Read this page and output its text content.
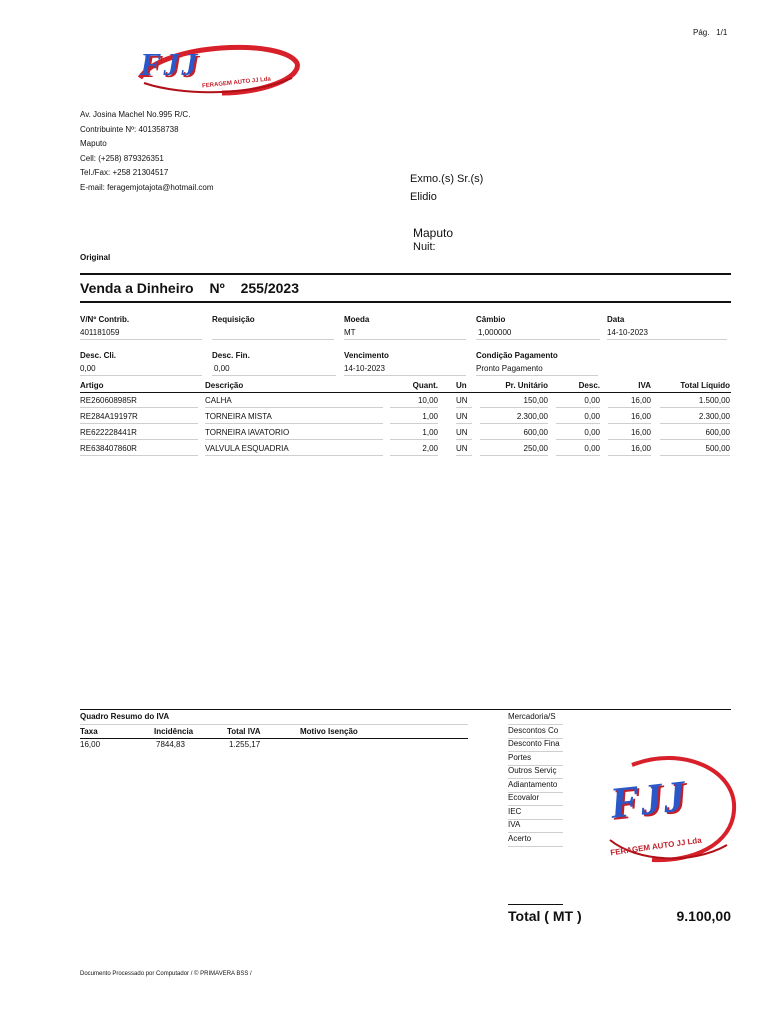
Pág. 1/1
FJJ
FERAGEM AUTO JJ Lda
Av. Josina Machel No.995 R/C.
Contribuinte Nº: 401358738
Maputo
Cell: (+258) 879326351
Tel./Fax: +258 21304517
E-mail: feragemjotajota@hotmail.com
Exmo.(s) Sr.(s)
Elidio
Maputo
Nuit:
Original
Venda a Dinheiro Nº 255/2023
V/Nº Contrib.
401181059
Requisição	Moeda
MT
Câmbio
1,000000
Data
14-10-2023
Desc. Cli.
0,00
Desc. Fin.
0,00
Vencimento
14-10-2023
Condição Pagamento
Pronto Pagamento
Artigo	Descrição	Quant. Un	Pr. Unitário	Desc.	IVA	Total Líquido
RE260608985R	CALHA	10,00 UN	150,00	0,00	16,00	1.500,00
RE284A19197R	TORNEIRA MISTA	1,00 UN	2.300,00	0,00	16,00	2.300,00
RE622228441R	TORNEIRA lAVATORIO	1,00 UN	600,00	0,00	16,00	600,00
RE638407860R	VALVULA ESQUADRIA	2,00 UN	250,00	0,00	16,00	500,00
Quadro Resumo do IVA
Taxa	Incidência	Total IVA	Motivo Isenção
16,00	7844,83	1.255,17
Mercadoria/S
Descontos Co
Desconto Fina
Portes
Outros Serviç
Adiantamento
Ecovalor
IEC
IVA
Acerto
FJJ
FERAGEM AUTO JJ Lda
Total ( MT )	9.100,00
Documento Processado por Computador / © PRIMAVERA BSS /
